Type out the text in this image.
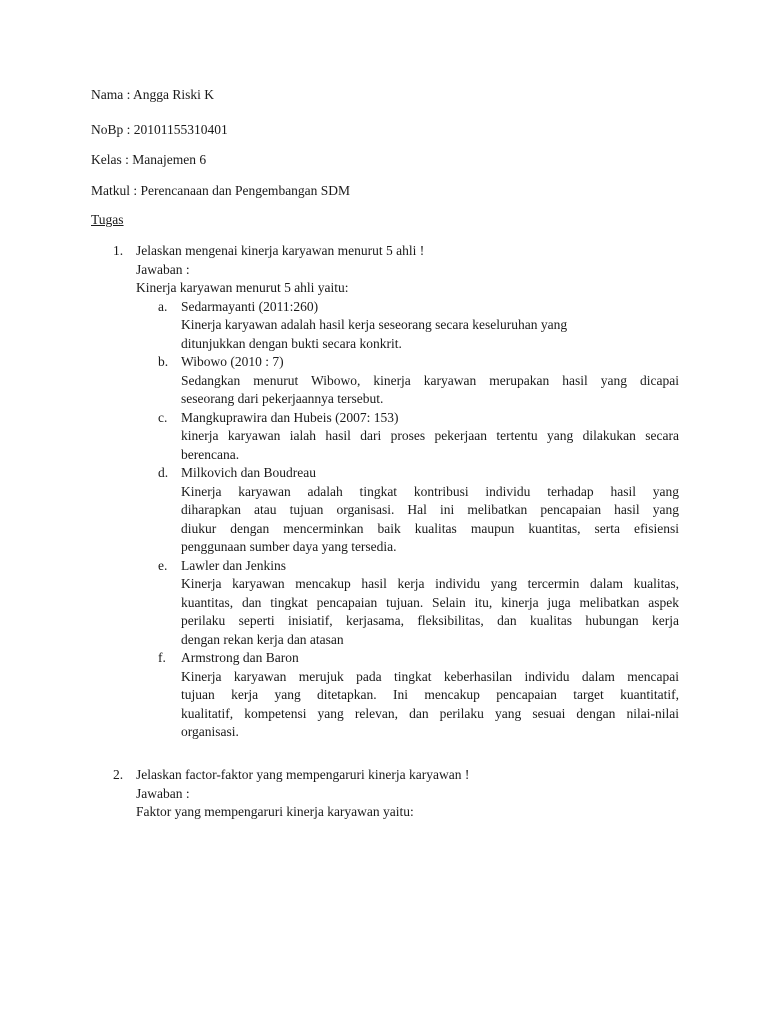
Nama : Angga Riski K

NoBp : 20101155310401

Kelas : Manajemen 6

Matkul : Perencanaan dan Pengembangan SDM

Tugas

1. Jelaskan mengenai kinerja karyawan menurut 5 ahli !

Jawaban :

Kinerja karyawan menurut 5 ahli yaitu:

a. Sedarmayanti (2011:260)

Kinerja karyawan adalah hasil kerja seseorang secara keseluruhan yang

ditunjukkan dengan bukti secara konkrit.

b. Wibowo (2010 : 7)

Sedangkan menurut Wibowo, kinerja karyawan merupakan hasil yang dicapai

seseorang dari pekerjaannya tersebut.

c. Mangkuprawira dan Hubeis (2007: 153)

kinerja karyawan ialah hasil dari proses pekerjaan tertentu yang dilakukan secara

berencana.

d. Milkovich dan Boudreau

Kinerja karyawan adalah tingkat kontribusi individu terhadap hasil yang

diharapkan atau tujuan organisasi. Hal ini melibatkan pencapaian hasil yang

diukur dengan mencerminkan baik kualitas maupun kuantitas, serta efisiensi

penggunaan sumber daya yang tersedia.

e. Lawler dan Jenkins

Kinerja karyawan mencakup hasil kerja individu yang tercermin dalam kualitas,

kuantitas, dan tingkat pencapaian tujuan. Selain itu, kinerja juga melibatkan aspek

perilaku seperti inisiatif, kerjasama, fleksibilitas, dan kualitas hubungan kerja

dengan rekan kerja dan atasan

f. Armstrong dan Baron

Kinerja karyawan merujuk pada tingkat keberhasilan individu dalam mencapai

tujuan kerja yang ditetapkan. Ini mencakup pencapaian target kuantitatif,

kualitatif, kompetensi yang relevan, dan perilaku yang sesuai dengan nilai-nilai

organisasi.

2. Jelaskan factor-faktor yang mempengaruri kinerja karyawan !

Jawaban :

Faktor yang mempengaruri kinerja karyawan yaitu:
